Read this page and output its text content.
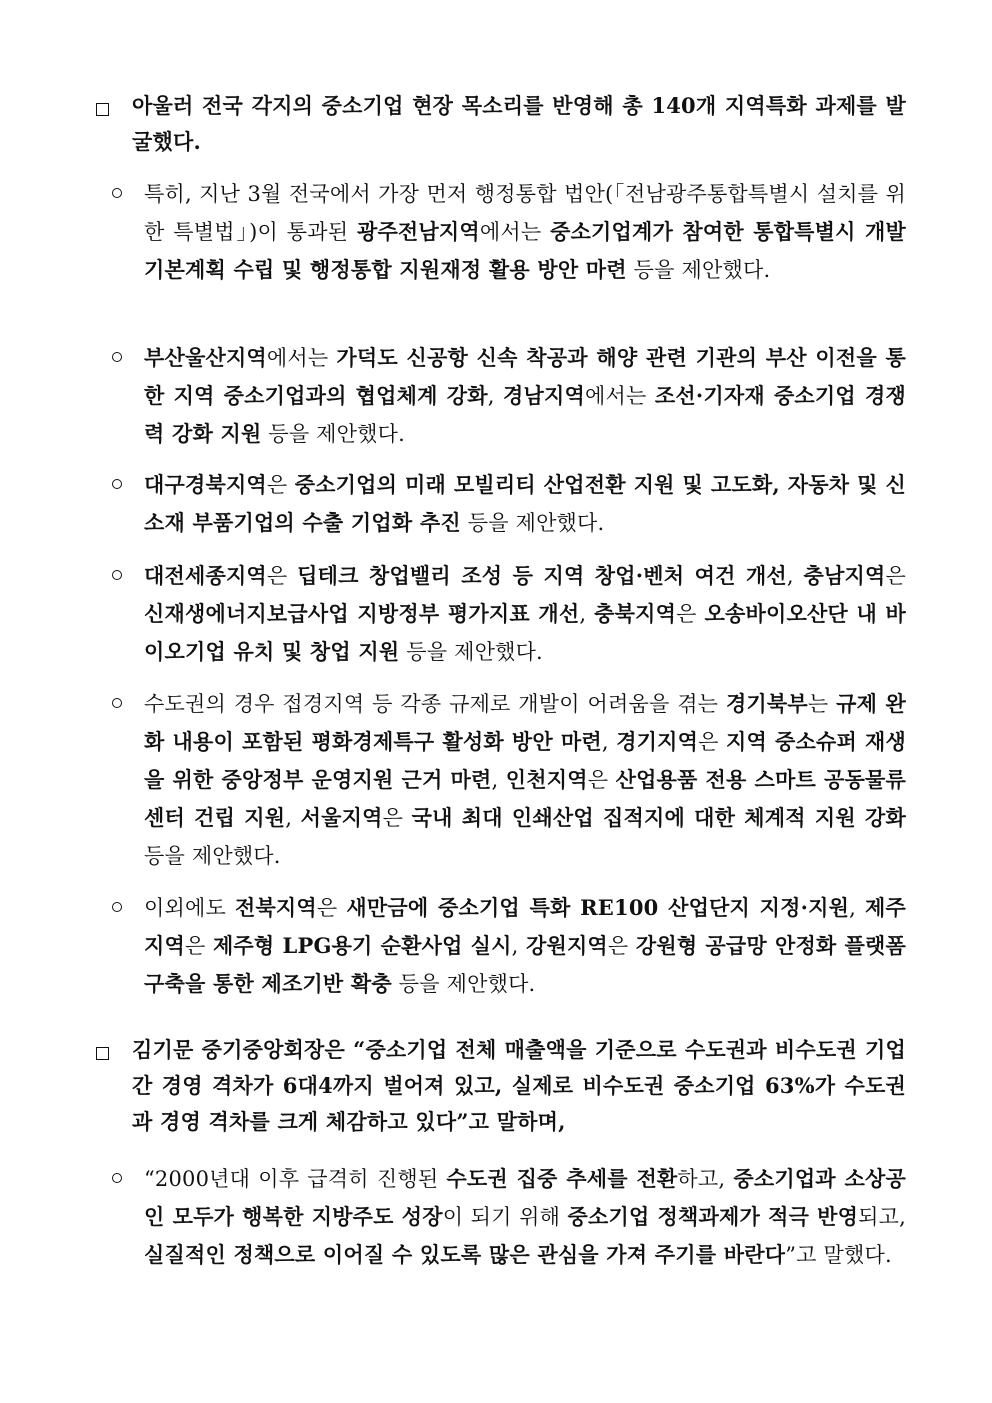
아울러 전국 각지의 중소기업 현장 목소리를 반영해 총 140개 지역특화 과제를 발굴했다.
특히, 지난 3월 전국에서 가장 먼저 행정통합 법안(「전남광주통합특별시 설치를 위한 특별법」)이 통과된 광주전남지역에서는 중소기업계가 참여한 통합특별시 개발 기본계획 수립 및 행정통합 지원재정 활용 방안 마련 등을 제안했다.
부산울산지역에서는 가덕도 신공항 신속 착공과 해양 관련 기관의 부산 이전을 통한 지역 중소기업과의 협업체계 강화, 경남지역에서는 조선·기자재 중소기업 경쟁력 강화 지원 등을 제안했다.
대구경북지역은 중소기업의 미래 모빌리티 산업전환 지원 및 고도화, 자동차 및 신소재 부품기업의 수출 기업화 추진 등을 제안했다.
대전세종지역은 딥테크 창업밸리 조성 등 지역 창업·벤처 여건 개선, 충남지역은 신재생에너지보급사업 지방정부 평가지표 개선, 충북지역은 오송바이오산단 내 바이오기업 유치 및 창업 지원 등을 제안했다.
수도권의 경우 접경지역 등 각종 규제로 개발이 어려움을 겪는 경기북부는 규제 완화 내용이 포함된 평화경제특구 활성화 방안 마련, 경기지역은 지역 중소슈퍼 재생을 위한 중앙정부 운영지원 근거 마련, 인천지역은 산업용품 전용 스마트 공동물류센터 건립 지원, 서울지역은 국내 최대 인쇄산업 집적지에 대한 체계적 지원 강화 등을 제안했다.
이외에도 전북지역은 새만금에 중소기업 특화 RE100 산업단지 지정·지원, 제주지역은 제주형 LPG용기 순환사업 실시, 강원지역은 강원형 공급망 안정화 플랫폼 구축을 통한 제조기반 확충 등을 제안했다.
김기문 중기중앙회장은 “중소기업 전체 매출액을 기준으로 수도권과 비수도권 기업 간 경영 격차가 6대4까지 벌어져 있고, 실제로 비수도권 중소기업 63%가 수도권과 경영 격차를 크게 체감하고 있다”고 말하며,
“2000년대 이후 급격히 진행된 수도권 집중 추세를 전환하고, 중소기업과 소상공인 모두가 행복한 지방주도 성장이 되기 위해 중소기업 정책과제가 적극 반영되고, 실질적인 정책으로 이어질 수 있도록 많은 관심을 가져 주기를 바란다”고 말했다.
